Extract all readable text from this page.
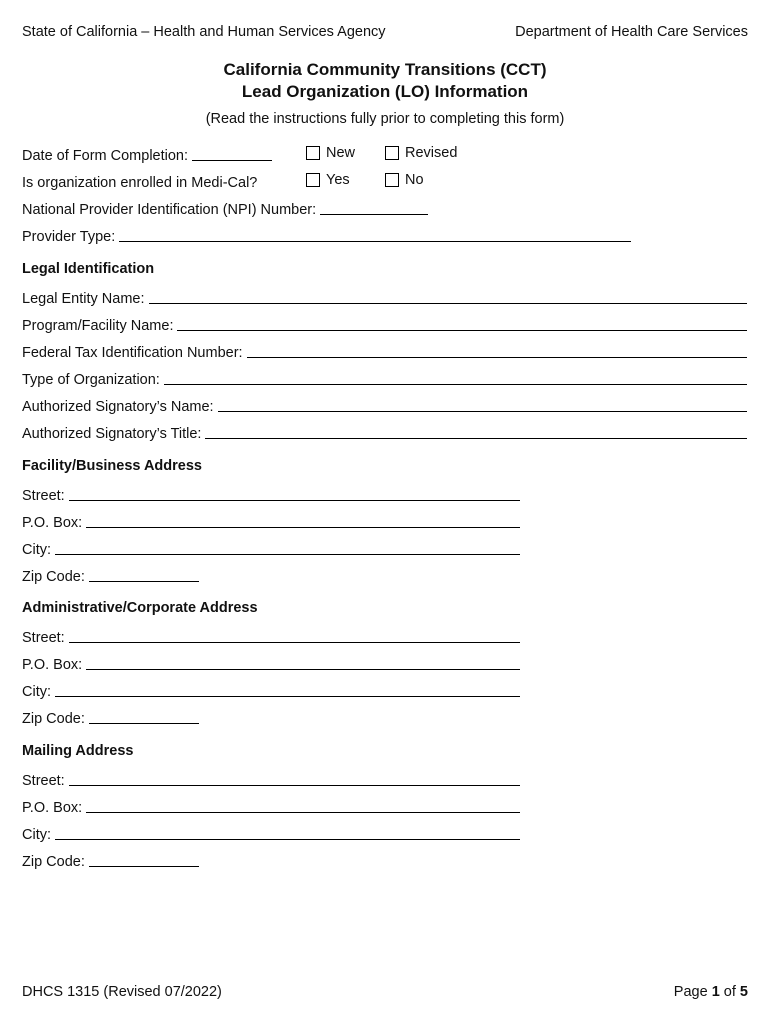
State of California – Health and Human Services Agency	Department of Health Care Services
California Community Transitions (CCT)
Lead Organization (LO) Information
(Read the instructions fully prior to completing this form)
Date of Form Completion:	New	Revised
Is organization enrolled in Medi-Cal?	Yes	No
National Provider Identification (NPI) Number:
Provider Type:
Legal Identification
Legal Entity Name:
Program/Facility Name:
Federal Tax Identification Number:
Type of Organization:
Authorized Signatory’s Name:
Authorized Signatory’s Title:
Facility/Business Address
Street:
P.O. Box:
City:
Zip Code:
Administrative/Corporate Address
Street:
P.O. Box:
City:
Zip Code:
Mailing Address
Street:
P.O. Box:
City:
Zip Code:
DHCS 1315 (Revised 07/2022)	Page 1 of 5
